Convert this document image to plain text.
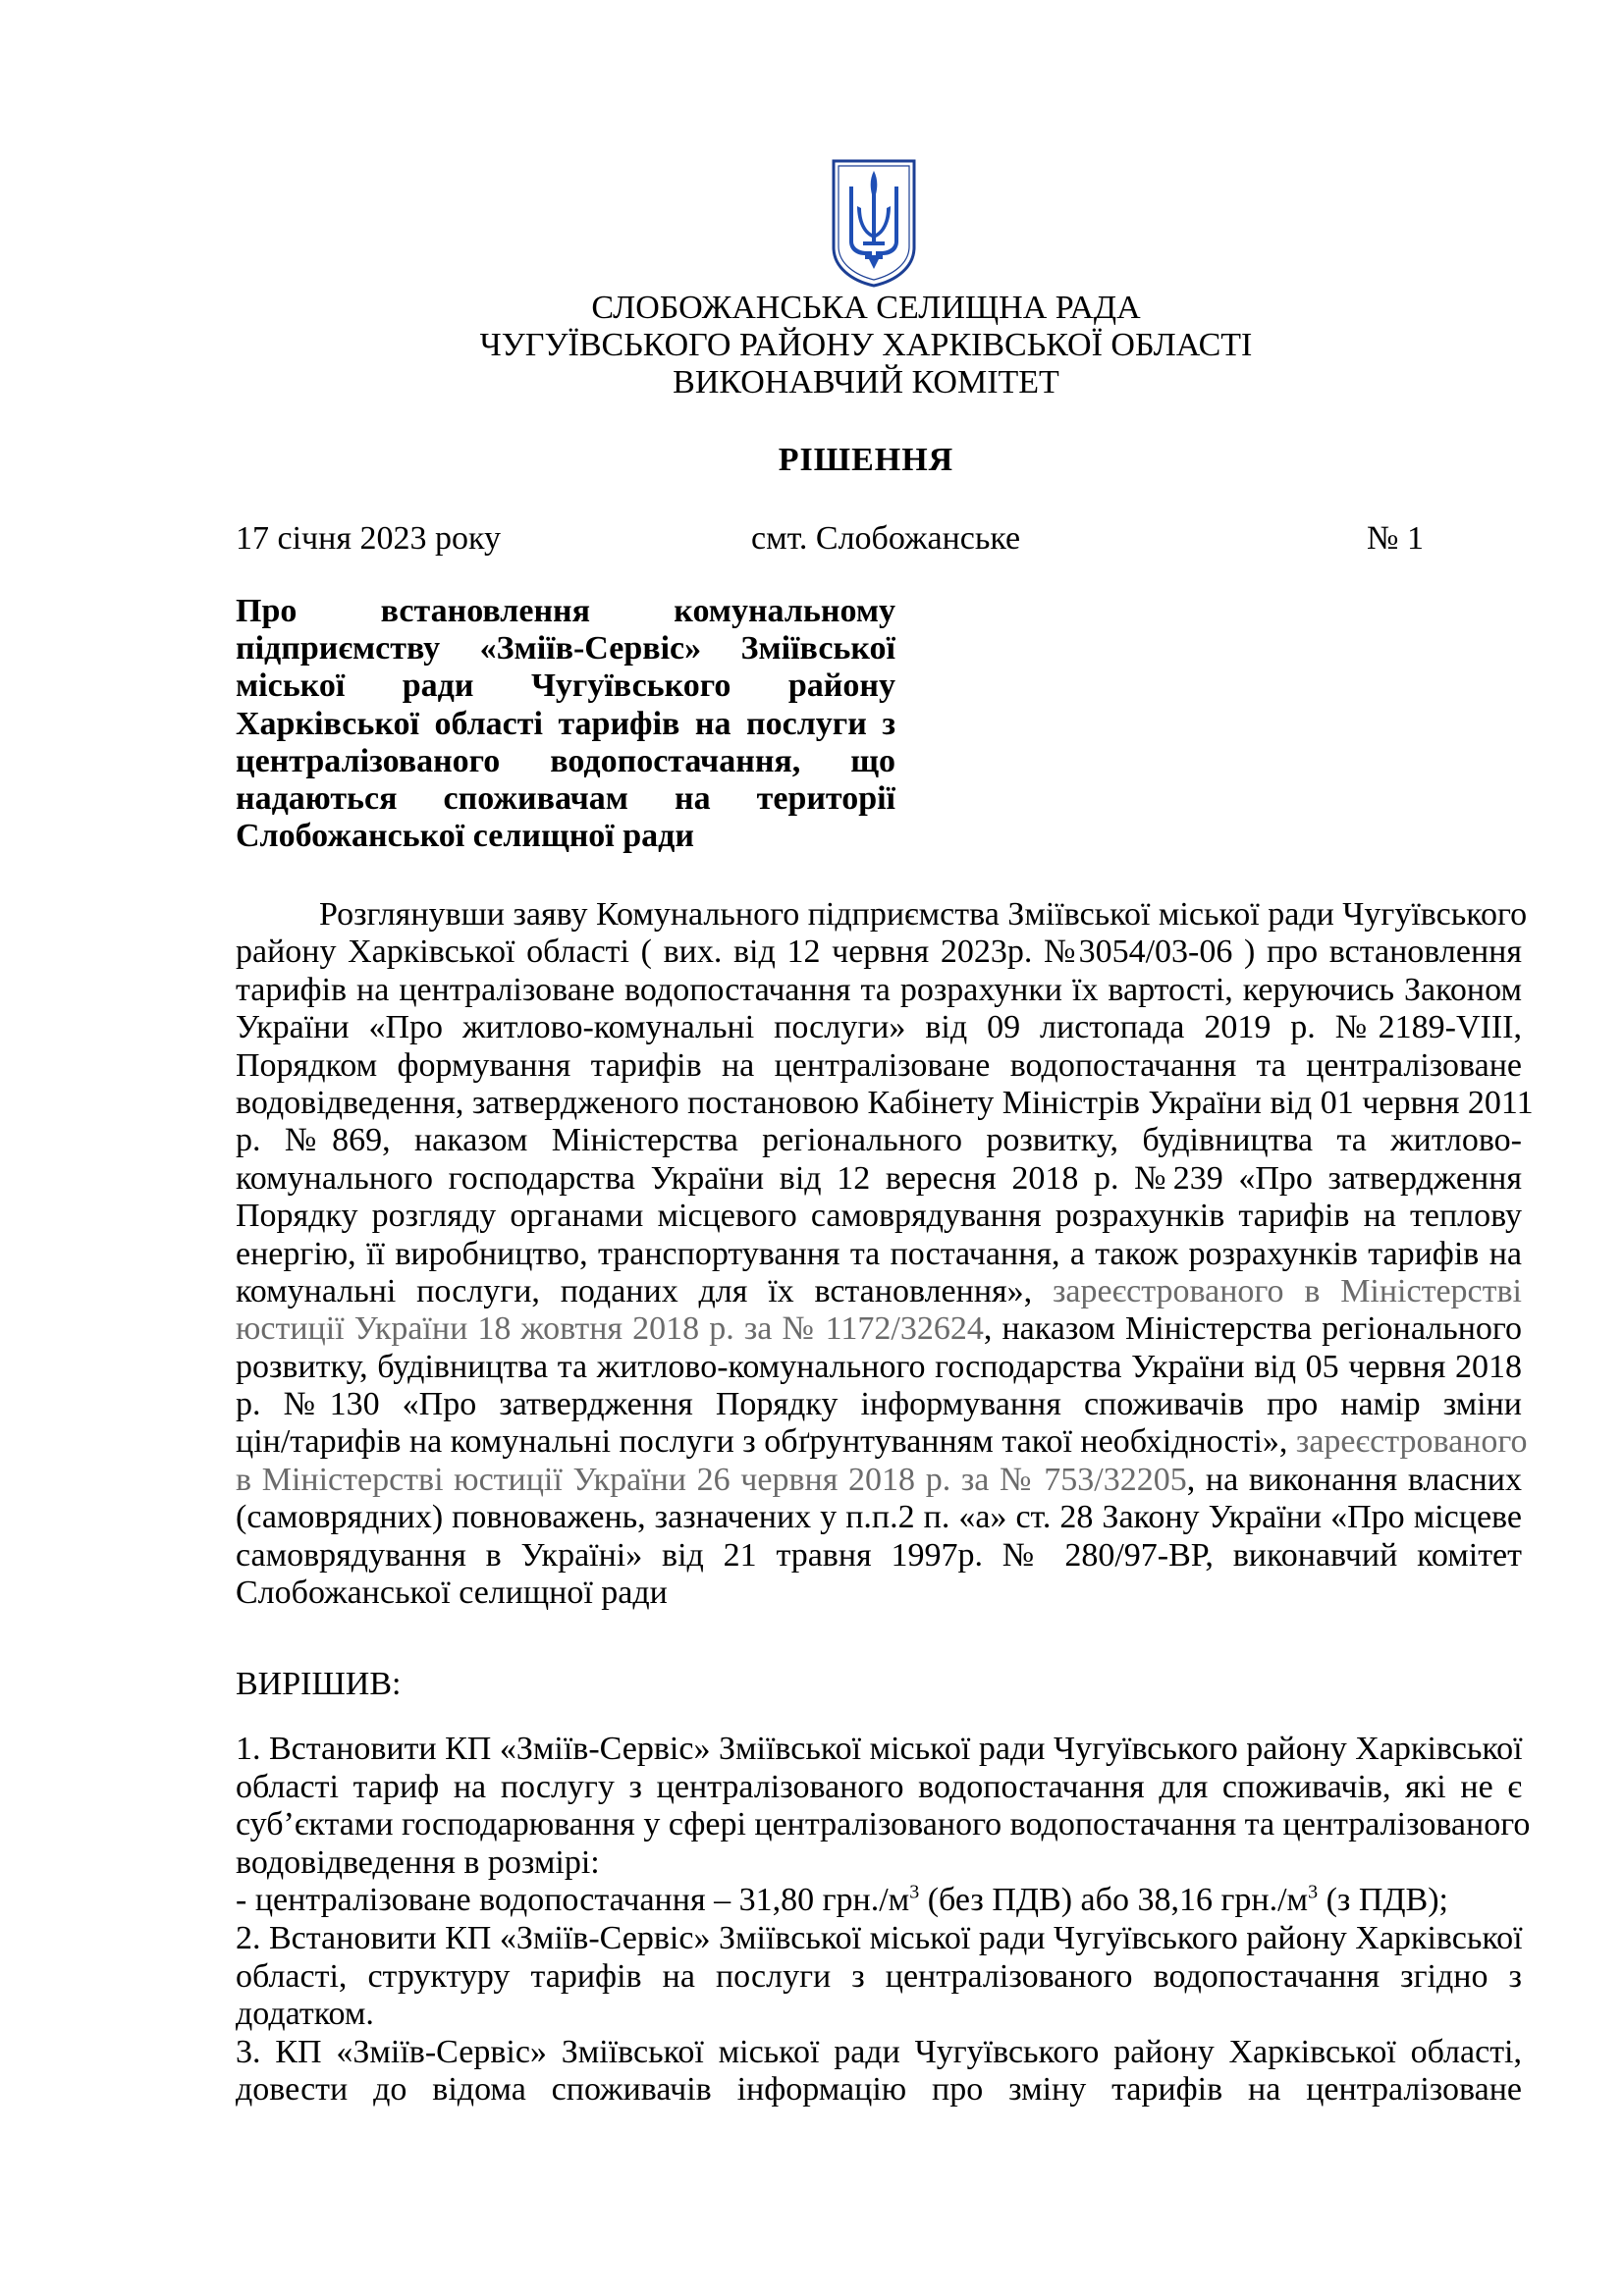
СЛОБОЖАНСЬКА СЕЛИЩНА РАДА
ЧУГУЇВСЬКОГО РАЙОНУ ХАРКІВСЬКОЇ ОБЛАСТІ
ВИКОНАВЧИЙ КОМІТЕТ
РІШЕННЯ
17 січня 2023 року	смт. Слобожанське	№ 1
Про встановлення комунальному
підприємству «Зміїв-Сервіс» Зміївської
міської ради Чугуївського району
Харківської області тарифів на послуги з
централізованого водопостачання, що
надаються споживачам на території
Слобожанської селищної ради
Розглянувши заяву Комунального підприємства Зміївської міської ради Чугуївського
району Харківської області ( вих. від 12 червня 2023р. №3054/03-06 ) про встановлення
тарифів на централізоване водопостачання та розрахунки їх вартості, керуючись Законом
України «Про житлово-комунальні послуги» від 09 листопада 2019 р. №2189-VIII,
Порядком формування тарифів на централізоване водопостачання та централізоване
водовідведення, затвердженого постановою Кабінету Міністрів України від 01 червня 2011
р. №869, наказом Міністерства регіонального розвитку, будівництва та житлово-
комунального господарства України від 12 вересня 2018 р. №239 «Про затвердження
Порядку розгляду органами місцевого самоврядування розрахунків тарифів на теплову
енергію, її виробництво, транспортування та постачання, а також розрахунків тарифів на
комунальні послуги, поданих для їх встановлення», зареєстрованого в Міністерстві
юстиції України 18 жовтня 2018 р. за № 1172/32624, наказом Міністерства регіонального
розвитку, будівництва та житлово-комунального господарства України від 05 червня 2018
р. №130 «Про затвердження Порядку інформування споживачів про намір зміни
цін/тарифів на комунальні послуги з обґрунтуванням такої необхідності», зареєстрованого
в Міністерстві юстиції України 26 червня 2018 р. за № 753/32205, на виконання власних
(самоврядних) повноважень, зазначених у п.п.2 п. «а» ст. 28 Закону України «Про місцеве
самоврядування в Україні» від 21 травня 1997р. № 280/97-ВР, виконавчий комітет
Слобожанської селищної ради
ВИРІШИВ:
1. Встановити КП «Зміїв-Сервіс» Зміївської міської ради Чугуївського району Харківської
області тариф на послугу з централізованого водопостачання для споживачів, які не є
суб’єктами господарювання у сфері централізованого водопостачання та централізованого
водовідведення в розмірі:
- централізоване водопостачання – 31,80 $грн./м^3$ (без ПДВ) або 38,16 $грн./м^3$ (з ПДВ);
2. Встановити КП «Зміїв-Сервіс» Зміївської міської ради Чугуївського району Харківської
області, структуру тарифів на послуги з централізованого водопостачання згідно з
додатком.
3. КП «Зміїв-Сервіс» Зміївської міської ради Чугуївського району Харківської області,
довести до відома споживачів інформацію про зміну тарифів на централізоване
